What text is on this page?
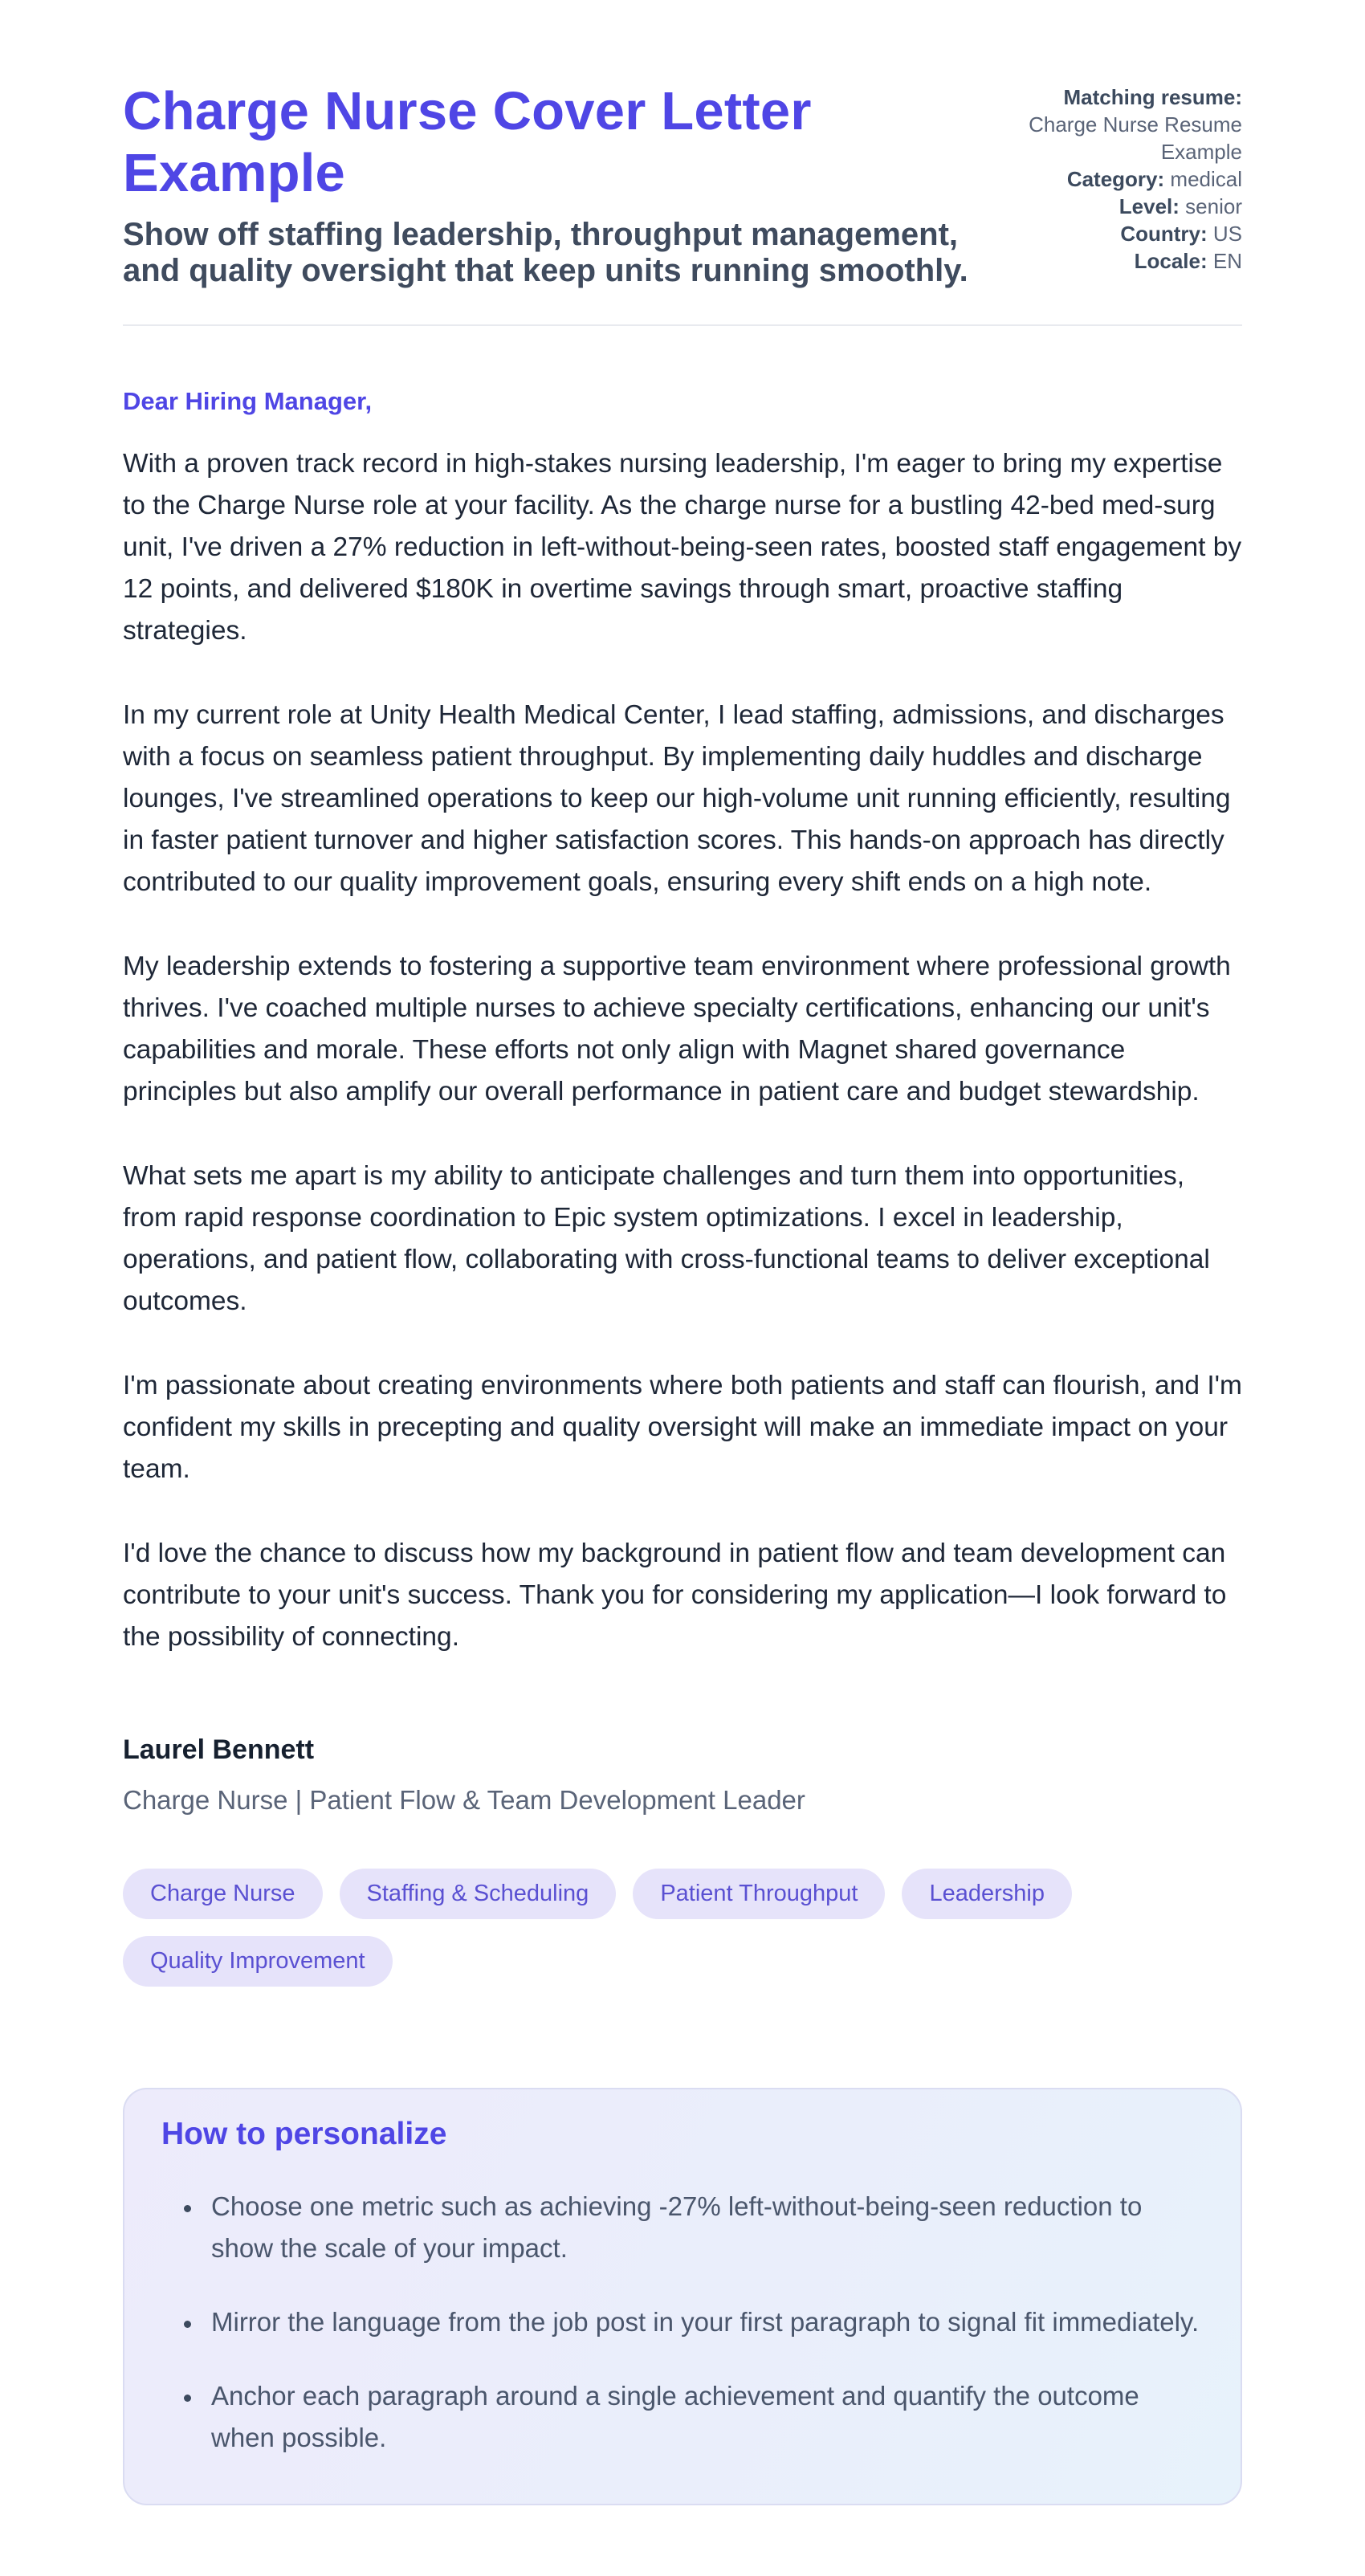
Charge Nurse Cover Letter Example
Show off staffing leadership, throughput management, and quality oversight that keep units running smoothly.
Matching resume: Charge Nurse Resume Example
Category: medical
Level: senior
Country: US
Locale: EN
Dear Hiring Manager,

With a proven track record in high-stakes nursing leadership, I'm eager to bring my expertise to the Charge Nurse role at your facility. As the charge nurse for a bustling 42-bed med-surg unit, I've driven a 27% reduction in left-without-being-seen rates, boosted staff engagement by 12 points, and delivered $180K in overtime savings through smart, proactive staffing strategies.

In my current role at Unity Health Medical Center, I lead staffing, admissions, and discharges with a focus on seamless patient throughput. By implementing daily huddles and discharge lounges, I've streamlined operations to keep our high-volume unit running efficiently, resulting in faster patient turnover and higher satisfaction scores. This hands-on approach has directly contributed to our quality improvement goals, ensuring every shift ends on a high note.

My leadership extends to fostering a supportive team environment where professional growth thrives. I've coached multiple nurses to achieve specialty certifications, enhancing our unit's capabilities and morale. These efforts not only align with Magnet shared governance principles but also amplify our overall performance in patient care and budget stewardship.

What sets me apart is my ability to anticipate challenges and turn them into opportunities, from rapid response coordination to Epic system optimizations. I excel in leadership, operations, and patient flow, collaborating with cross-functional teams to deliver exceptional outcomes.

I'm passionate about creating environments where both patients and staff can flourish, and I'm confident my skills in precepting and quality oversight will make an immediate impact on your team.

I'd love the chance to discuss how my background in patient flow and team development can contribute to your unit's success. Thank you for considering my application—I look forward to the possibility of connecting.

Laurel Bennett
Charge Nurse | Patient Flow & Team Development Leader
Charge Nurse	Staffing & Scheduling	Patient Throughput	Leadership
Quality Improvement
How to personalize
• Choose one metric such as achieving -27% left-without-being-seen reduction to show the scale of your impact.
• Mirror the language from the job post in your first paragraph to signal fit immediately.
• Anchor each paragraph around a single achievement and quantify the outcome when possible.
